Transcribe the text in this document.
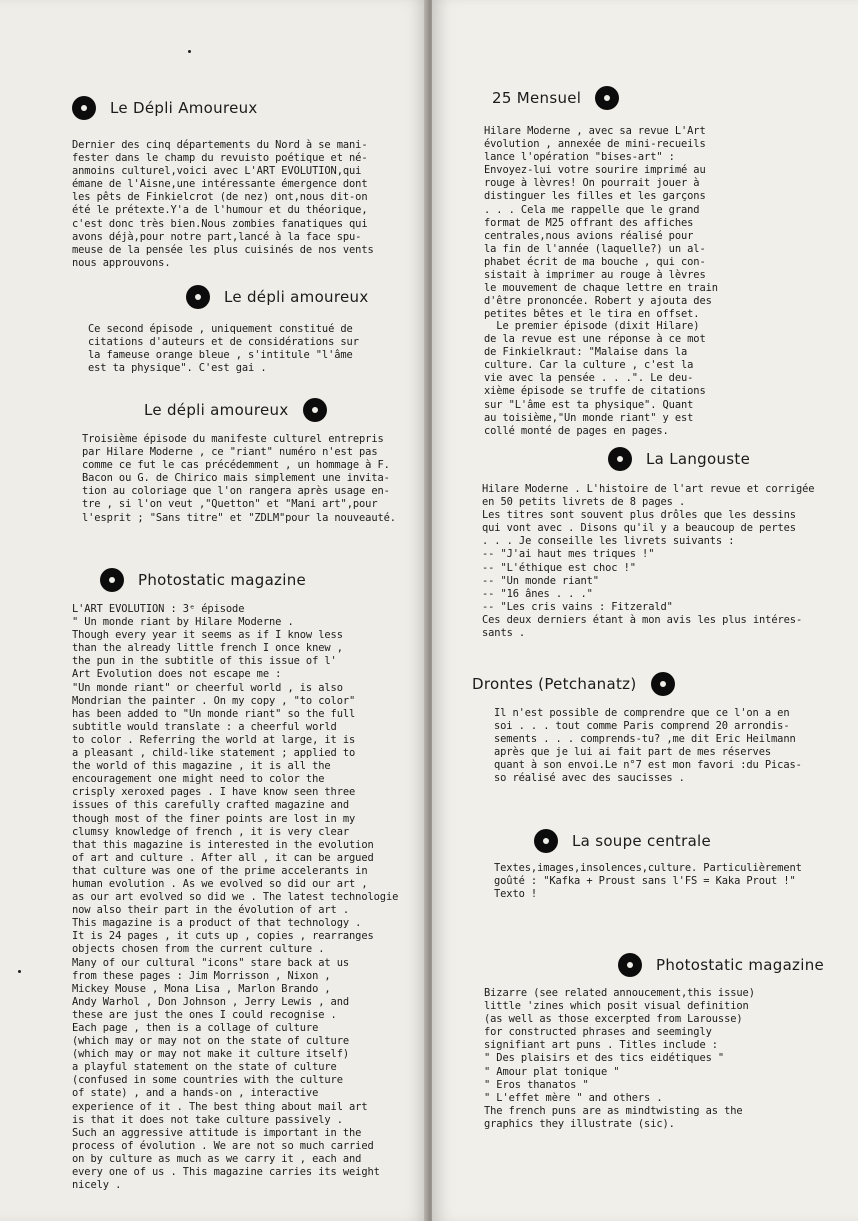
Le Dépli Amoureux
Dernier des cinq départements du Nord à se mani-
fester dans le champ du revuisto poétique et né-
anmoins culturel,voici avec L'ART EVOLUTION,qui
émane de l'Aisne,une intéressante émergence dont
les pêts de Finkielcrot (de nez) ont,nous dit-on
été le prétexte.Y'a de l'humour et du théorique,
c'est donc très bien.Nous zombies fanatiques qui
avons déjà,pour notre part,lancé à la face spu-
meuse de la pensée les plus cuisinés de nos vents
nous approuvons.
Le dépli amoureux
Ce second épisode , uniquement constitué de
citations d'auteurs et de considérations sur
la fameuse orange bleue , s'intitule "l'âme
est ta physique". C'est gai .
Le dépli amoureux
Troisième épisode du manifeste culturel entrepris
par Hilare Moderne , ce "riant" numéro n'est pas
comme ce fut le cas précédemment , un hommage à F.
Bacon ou G. de Chirico mais simplement une invita-
tion au coloriage que l'on rangera après usage en-
tre , si l'on veut ,"Quetton" et "Mani art",pour
l'esprit ; "Sans titre" et "ZDLM"pour la nouveauté.
Photostatic magazine
L'ART EVOLUTION : 3ᵉ épisode
" Un monde riant by Hilare Moderne .
Though every year it seems as if I know less
than the already little french I once knew ,
the pun in the subtitle of this issue of l'
Art Evolution does not escape me :
"Un monde riant" or cheerful world , is also
Mondrian the painter . On my copy , "to color"
has been added to "Un monde riant" so the full
subtitle would translate : a cheerful world
to color . Referring the world at large, it is
a pleasant , child-like statement ; applied to
the world of this magazine , it is all the
encouragement one might need to color the
crisply xeroxed pages . I have know seen three
issues of this carefully crafted magazine and
though most of the finer points are lost in my
clumsy knowledge of french , it is very clear
that this magazine is interested in the evolution
of art and culture . After all , it can be argued
that culture was one of the prime accelerants in
human evolution . As we evolved so did our art ,
as our art evolved so did we . The latest technologie
now also their part in the évolution of art .
This magazine is a product of that technology .
It is 24 pages , it cuts up , copies , rearranges
objects chosen from the current culture .
Many of our cultural "icons" stare back at us
from these pages : Jim Morrisson , Nixon ,
Mickey Mouse , Mona Lisa , Marlon Brando ,
Andy Warhol , Don Johnson , Jerry Lewis , and
these are just the ones I could recognise .
Each page , then is a collage of culture
(which may or may not on the state of culture
(which may or may not make it culture itself)
a playful statement on the state of culture
(confused in some countries with the culture
of state) , and a hands-on , interactive
experience of it . The best thing about mail art
is that it does not take culture passively .
Such an aggressive attitude is important in the
process of évolution . We are not so much carried
on by culture as much as we carry it , each and
every one of us . This magazine carries its weight
nicely .
25 Mensuel
Hilare Moderne , avec sa revue L'Art
évolution , annexée de mini-recueils
lance l'opération "bises-art" :
Envoyez-lui votre sourire imprimé au
rouge à lèvres! On pourrait jouer à
distinguer les filles et les garçons
. . . Cela me rappelle que le grand
format de M25 offrant des affiches
centrales,nous avions réalisé pour
la fin de l'année (laquelle?) un al-
phabet écrit de ma bouche , qui con-
sistait à imprimer au rouge à lèvres
le mouvement de chaque lettre en train
d'être prononcée. Robert y ajouta des
petites bêtes et le tira en offset.
Le premier épisode (dixit Hilare)
de la revue est une réponse à ce mot
de Finkielkraut: "Malaise dans la
culture. Car la culture , c'est la
vie avec la pensée . . .". Le deu-
xième épisode se truffe de citations
sur "L'âme est ta physique". Quant
au toisième,"Un monde riant" y est
collé monté de pages en pages.
La Langouste
Hilare Moderne . L'histoire de l'art revue et corrigée
en 50 petits livrets de 8 pages .
Les titres sont souvent plus drôles que les dessins
qui vont avec . Disons qu'il y a beaucoup de pertes
. . . Je conseille les livrets suivants :
-- "J'ai haut mes triques !"
-- "L'éthique est choc !"
-- "Un monde riant"
-- "16 ânes . . ."
-- "Les cris vains : Fitzerald"
Ces deux derniers étant à mon avis les plus intéres-
sants .
Drontes (Petchanatz)
Il n'est possible de comprendre que ce l'on a en
soi . . . tout comme Paris comprend 20 arrondis-
sements . . . comprends-tu? ,me dit Eric Heilmann
après que je lui ai fait part de mes réserves
quant à son envoi.Le n°7 est mon favori :du Picas-
so réalisé avec des saucisses .
La soupe centrale
Textes,images,insolences,culture. Particulièrement
goûté : "Kafka + Proust sans l'FS = Kaka Prout !"
Texto !
Photostatic magazine
Bizarre (see related annoucement,this issue)
little 'zines which posit visual definition
(as well as those excerpted from Larousse)
for constructed phrases and seemingly
signifiant art puns . Titles include :
" Des plaisirs et des tics eidétiques "
" Amour plat tonique "
" Eros thanatos "
" L'effet mère " and others .
The french puns are as mindtwisting as the
graphics they illustrate (sic).
